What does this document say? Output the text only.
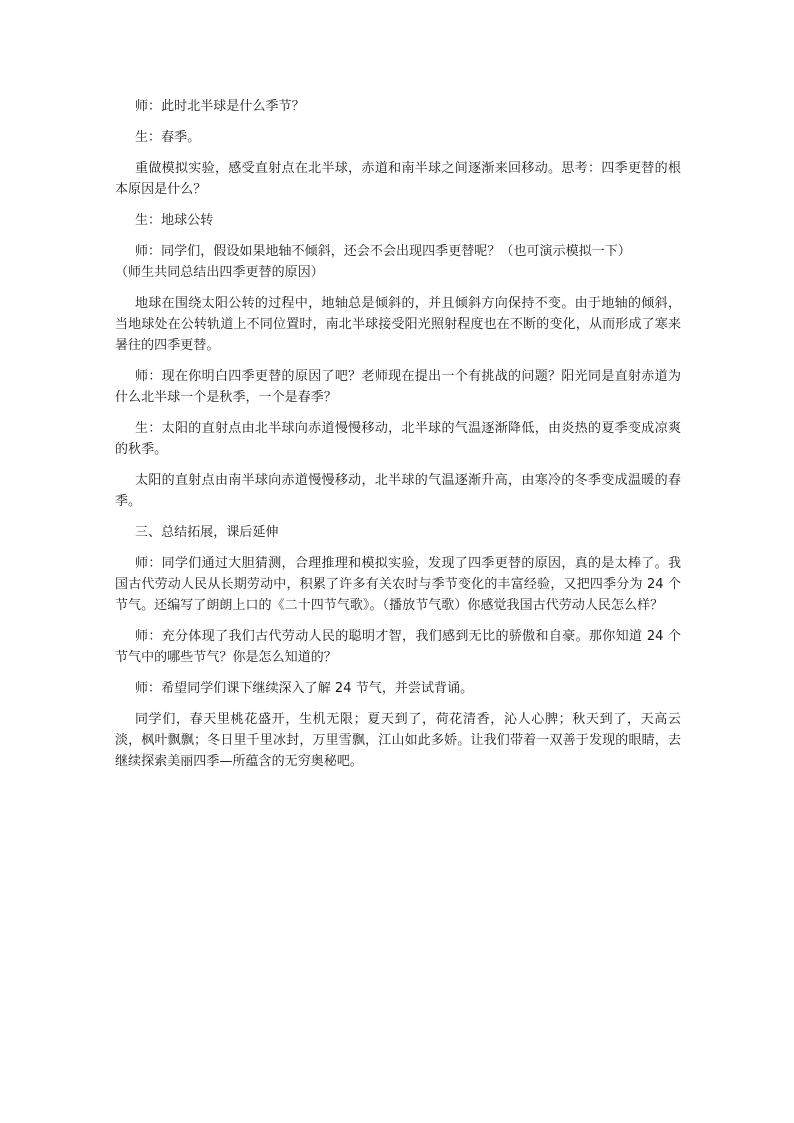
师：此时北半球是什么季节？

生：春季。

重做模拟实验，感受直射点在北半球，赤道和南半球之间逐渐来回移动。思考：四季更替的根本原因是什么？

生：地球公转

师：同学们，假设如果地轴不倾斜，还会不会出现四季更替呢？（也可演示模拟一下）

（师生共同总结出四季更替的原因）

地球在围绕太阳公转的过程中，地轴总是倾斜的，并且倾斜方向保持不变。由于地轴的倾斜，当地球处在公转轨道上不同位置时，南北半球接受阳光照射程度也在不断的变化，从而形成了寒来暑往的四季更替。

师：现在你明白四季更替的原因了吧？老师现在提出一个有挑战的问题？阳光同是直射赤道为什么北半球一个是秋季，一个是春季？

生：太阳的直射点由北半球向赤道慢慢移动，北半球的气温逐渐降低，由炎热的夏季变成凉爽的秋季。

太阳的直射点由南半球向赤道慢慢移动，北半球的气温逐渐升高，由寒冷的冬季变成温暖的春季。

三、总结拓展，课后延伸

师：同学们通过大胆猜测，合理推理和模拟实验，发现了四季更替的原因，真的是太棒了。我国古代劳动人民从长期劳动中，积累了许多有关农时与季节变化的丰富经验，又把四季分为 24 个节气。还编写了朗朗上口的《二十四节气歌》。（播放节气歌）你感觉我国古代劳动人民怎么样？

师：充分体现了我们古代劳动人民的聪明才智，我们感到无比的骄傲和自豪。那你知道 24 个节气中的哪些节气？你是怎么知道的？

师：希望同学们课下继续深入了解 24 节气，并尝试背诵。

同学们，春天里桃花盛开，生机无限；夏天到了，荷花清香，沁人心脾；秋天到了，天高云淡，枫叶飘飘；冬日里千里冰封，万里雪飘，江山如此多娇。让我们带着一双善于发现的眼睛，去继续探索美丽四季—所蕴含的无穷奥秘吧。
